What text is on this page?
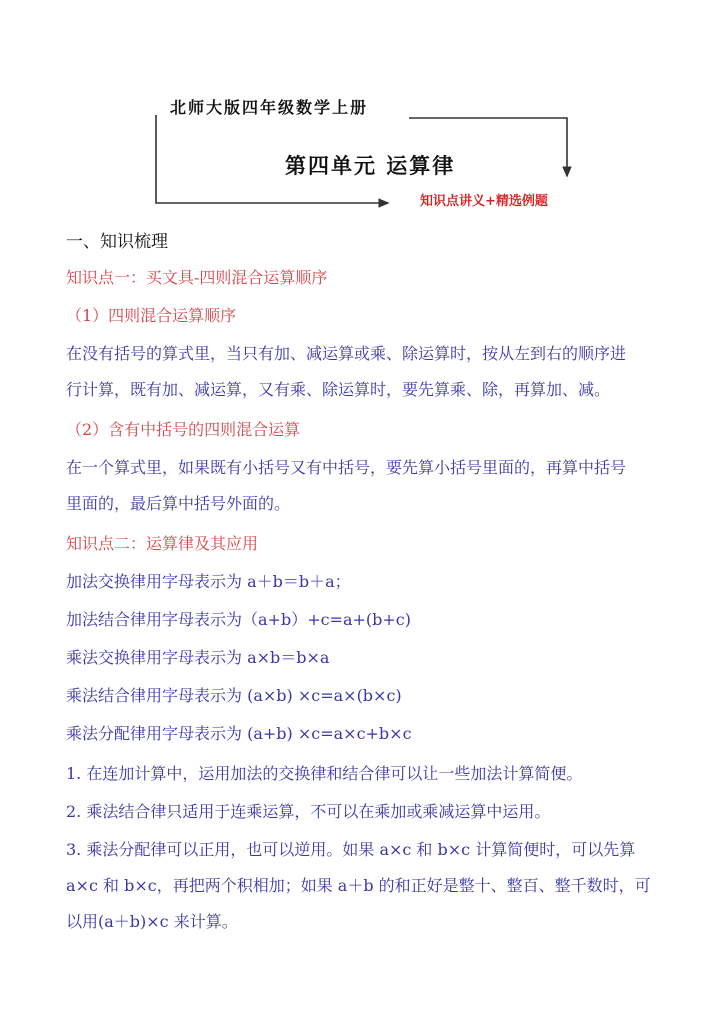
北师大版四年级数学上册
第四单元 运算律
知识点讲义+精选例题
一、知识梳理
知识点一：买文具-四则混合运算顺序
（1）四则混合运算顺序
在没有括号的算式里，当只有加、减运算或乘、除运算时，按从左到右的顺序进
行计算，既有加、减运算，又有乘、除运算时，要先算乘、除，再算加、减。
（2）含有中括号的四则混合运算
在一个算式里，如果既有小括号又有中括号，要先算小括号里面的，再算中括号
里面的，最后算中括号外面的。
知识点二：运算律及其应用
加法交换律用字母表示为 a＋b＝b＋a；
加法结合律用字母表示为（a+b）+c=a+(b+c)
乘法交换律用字母表示为 a×b＝b×a
乘法结合律用字母表示为 (a×b) ×c=a×(b×c)
乘法分配律用字母表示为 (a+b) ×c=a×c+b×c
1. 在连加计算中，运用加法的交换律和结合律可以让一些加法计算简便。
2. 乘法结合律只适用于连乘运算，不可以在乘加或乘减运算中运用。
3. 乘法分配律可以正用，也可以逆用。如果 a×c 和 b×c 计算简便时，可以先算
a×c 和 b×c，再把两个积相加；如果 a＋b 的和正好是整十、整百、整千数时，可
以用(a＋b)×c 来计算。
